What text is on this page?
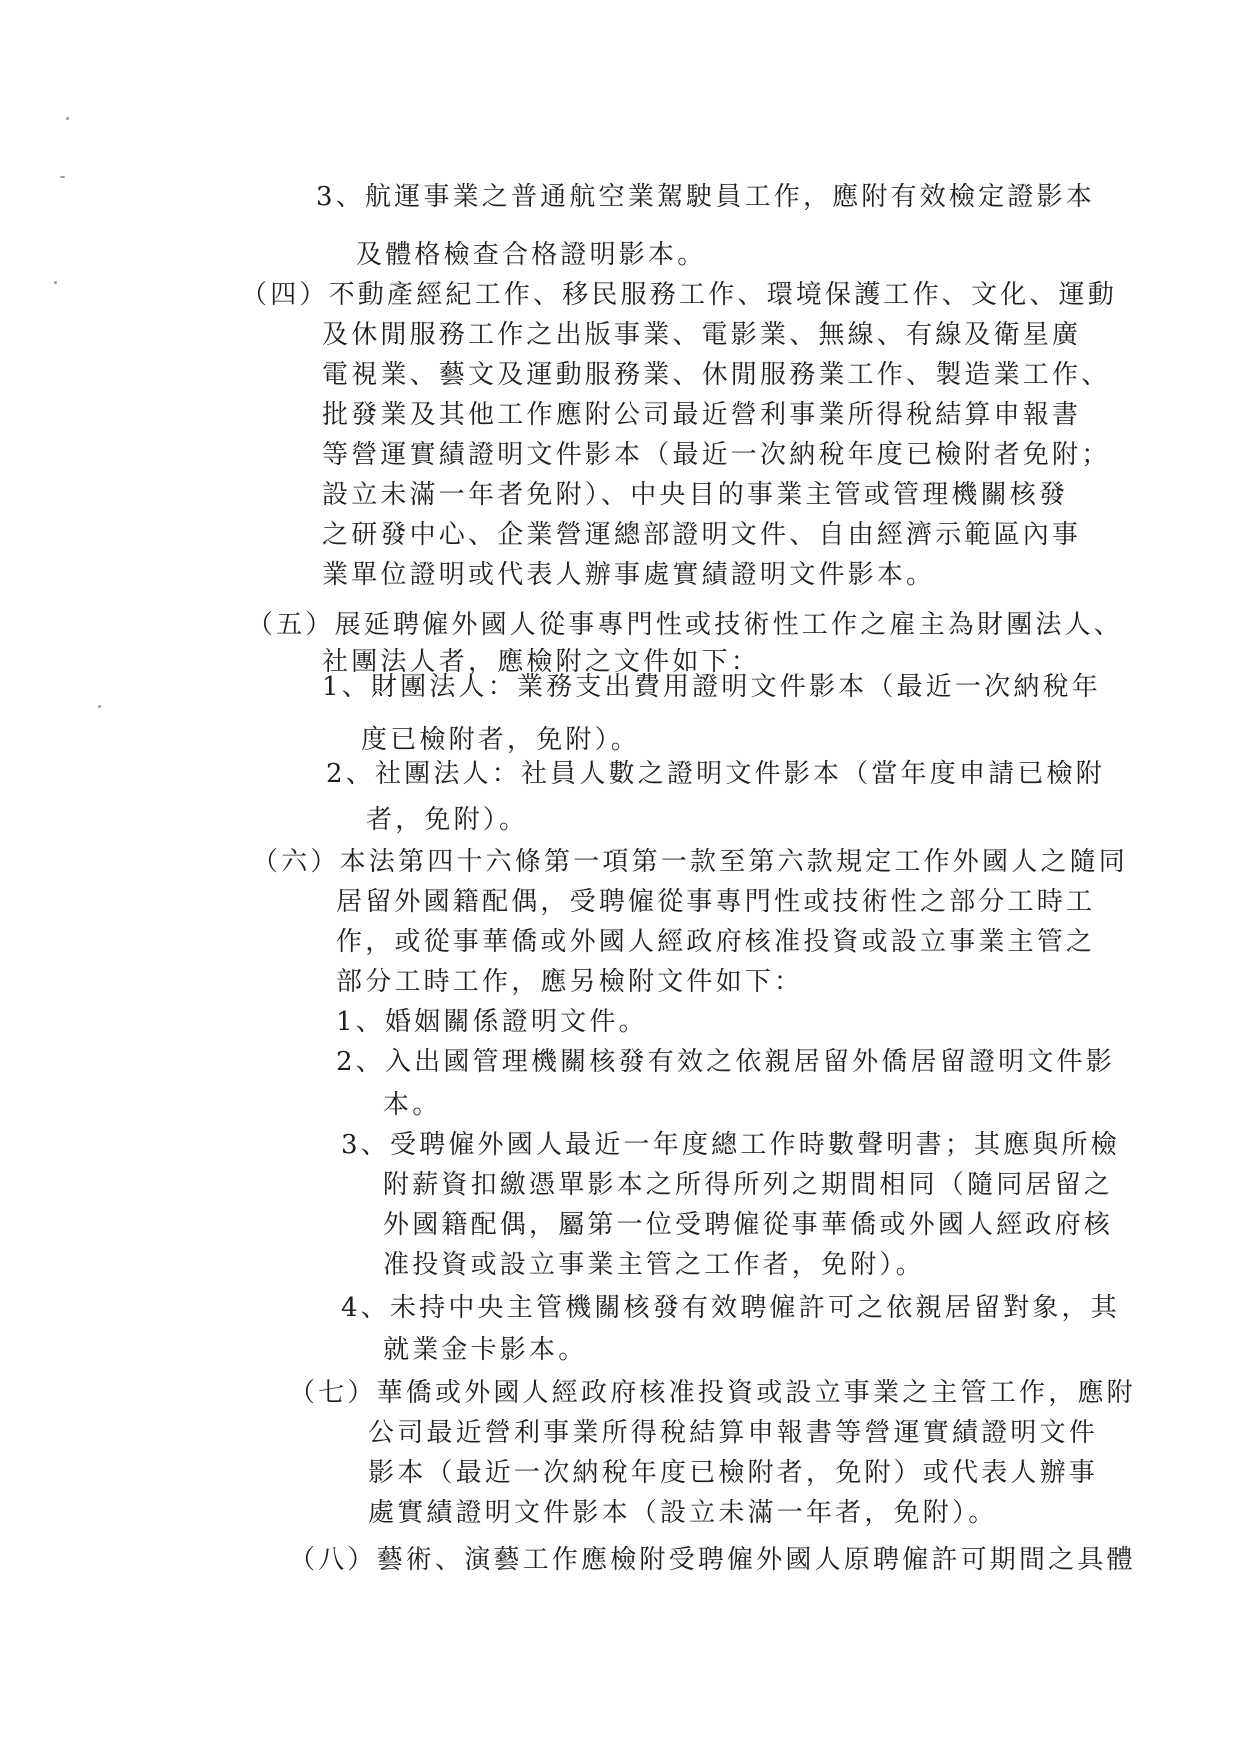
3、航運事業之普通航空業駕駛員工作，應附有效檢定證影本
及體格檢查合格證明影本。
（四）不動產經紀工作、移民服務工作、環境保護工作、文化、運動
及休閒服務工作之出版事業、電影業、無線、有線及衛星廣
電視業、藝文及運動服務業、休閒服務業工作、製造業工作、
批發業及其他工作應附公司最近營利事業所得稅結算申報書
等營運實績證明文件影本（最近一次納稅年度已檢附者免附；
設立未滿一年者免附）、中央目的事業主管或管理機關核發
之研發中心、企業營運總部證明文件、自由經濟示範區內事
業單位證明或代表人辦事處實績證明文件影本。
（五）展延聘僱外國人從事專門性或技術性工作之雇主為財團法人、
社團法人者，應檢附之文件如下：
1、財團法人：業務支出費用證明文件影本（最近一次納稅年
度已檢附者，免附）。
2、社團法人：社員人數之證明文件影本（當年度申請已檢附
者，免附）。
（六）本法第四十六條第一項第一款至第六款規定工作外國人之隨同
居留外國籍配偶，受聘僱從事專門性或技術性之部分工時工
作，或從事華僑或外國人經政府核准投資或設立事業主管之
部分工時工作，應另檢附文件如下：
1、婚姻關係證明文件。
2、入出國管理機關核發有效之依親居留外僑居留證明文件影
本。
3、受聘僱外國人最近一年度總工作時數聲明書；其應與所檢
附薪資扣繳憑單影本之所得所列之期間相同（隨同居留之
外國籍配偶，屬第一位受聘僱從事華僑或外國人經政府核
准投資或設立事業主管之工作者，免附）。
4、未持中央主管機關核發有效聘僱許可之依親居留對象，其
就業金卡影本。
（七）華僑或外國人經政府核准投資或設立事業之主管工作，應附
公司最近營利事業所得稅結算申報書等營運實績證明文件
影本（最近一次納稅年度已檢附者，免附）或代表人辦事
處實績證明文件影本（設立未滿一年者，免附）。
（八）藝術、演藝工作應檢附受聘僱外國人原聘僱許可期間之具體
